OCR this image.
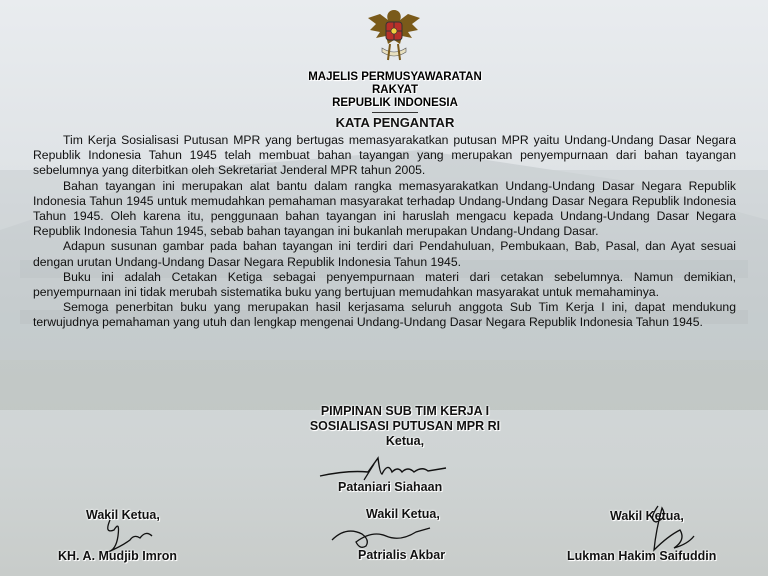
MAJELIS PERMUSYAWARATAN
RAKYAT
REPUBLIK INDONESIA
KATA PENGANTAR

Tim Kerja Sosialisasi Putusan MPR yang bertugas memasyarakatkan putusan MPR yaitu Undang-Undang Dasar Negara Republik Indonesia Tahun 1945 telah membuat bahan tayangan yang merupakan penyempurnaan dari bahan tayangan sebelumnya yang diterbitkan oleh Sekretariat Jenderal MPR tahun 2005.

Bahan tayangan ini merupakan alat bantu dalam rangka memasyarakatkan Undang-Undang Dasar Negara Republik Indonesia Tahun 1945 untuk memudahkan pemahaman masyarakat terhadap Undang-Undang Dasar Negara Republik Indonesia Tahun 1945. Oleh karena itu, penggunaan bahan tayangan ini haruslah mengacu kepada Undang-Undang Dasar Negara Republik Indonesia Tahun 1945, sebab bahan tayangan ini bukanlah merupakan Undang-Undang Dasar.

Adapun susunan gambar pada bahan tayangan ini terdiri dari Pendahuluan, Pembukaan, Bab, Pasal, dan Ayat sesuai dengan urutan Undang-Undang Dasar Negara Republik Indonesia Tahun 1945.

Buku ini adalah Cetakan Ketiga sebagai penyempurnaan materi dari cetakan sebelumnya. Namun demikian, penyempurnaan ini tidak merubah sistematika buku yang bertujuan memudahkan masyarakat untuk memahaminya.

Semoga penerbitan buku yang merupakan hasil kerjasama seluruh anggota Sub Tim Kerja I ini, dapat mendukung terwujudnya pemahaman yang utuh dan lengkap mengenai Undang-Undang Dasar Negara Republik Indonesia Tahun 1945.

PIMPINAN SUB TIM KERJA I
SOSIALISASI PUTUSAN MPR RI
Ketua,
Pataniari Siahaan
Wakil Ketua,	Wakil Ketua,	Wakil Ketua,
KH. A. Mudjib Imron	Patrialis Akbar	Lukman Hakim Saifuddin
